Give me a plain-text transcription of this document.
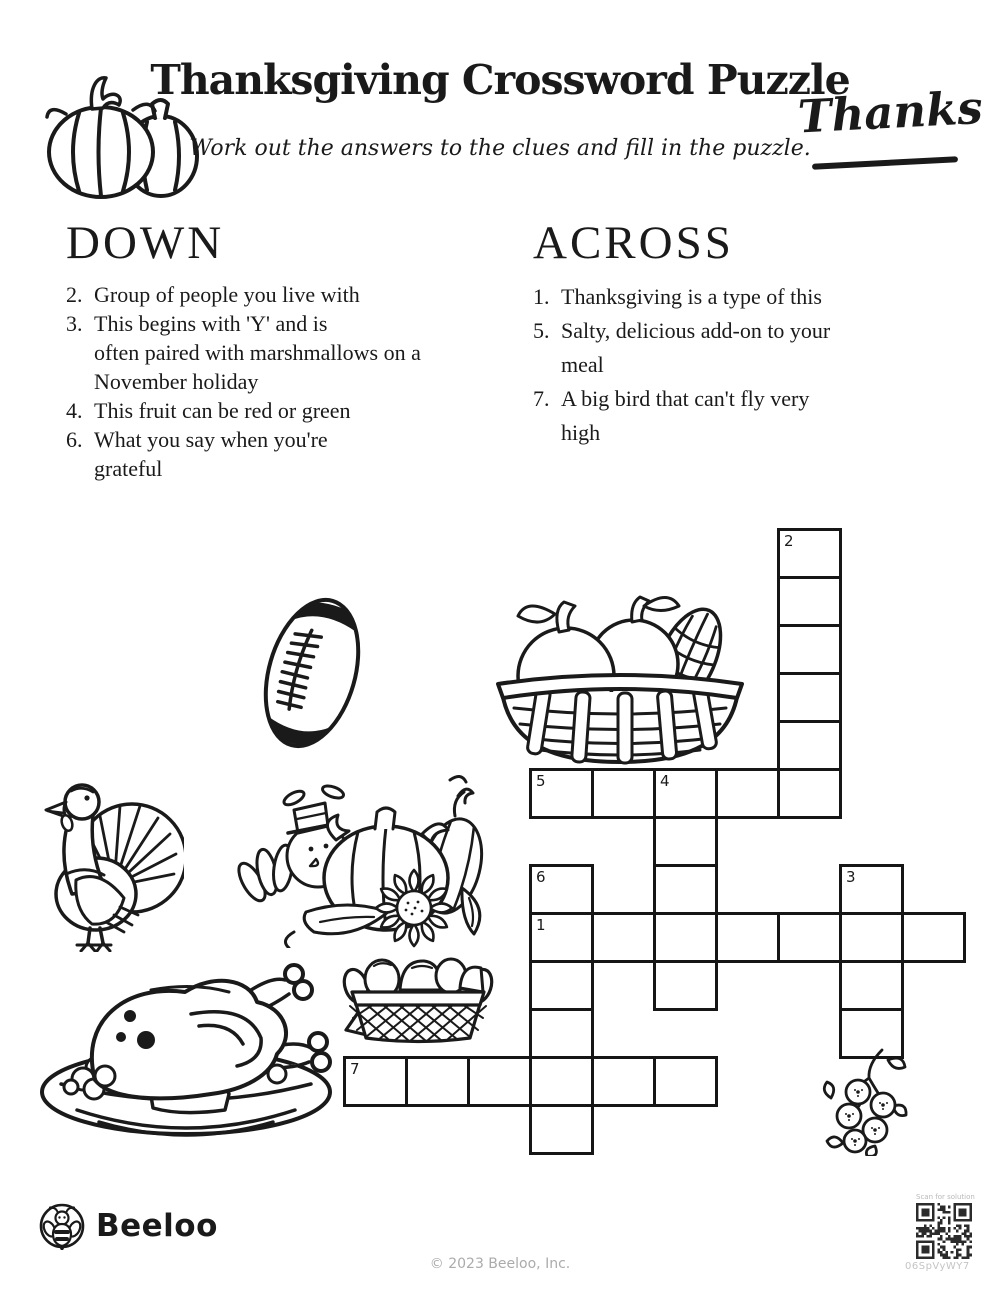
Thanksgiving Crossword Puzzle
Work out the answers to the clues and fill in the puzzle.
Thanks
DOWN
2. Group of people you live with
3. This begins with 'Y' and is
often paired with marshmallows on a
November holiday
4. This fruit can be red or green
6. What you say when you're
grateful
ACROSS
1. Thanksgiving is a type of this
5. Salty, delicious add-on to your
meal
7. A big bird that can't fly very
high
2
5	4
6	3
1
7
Beeloo
© 2023 Beeloo, Inc.
Scan for solution
06SpVyWY7
